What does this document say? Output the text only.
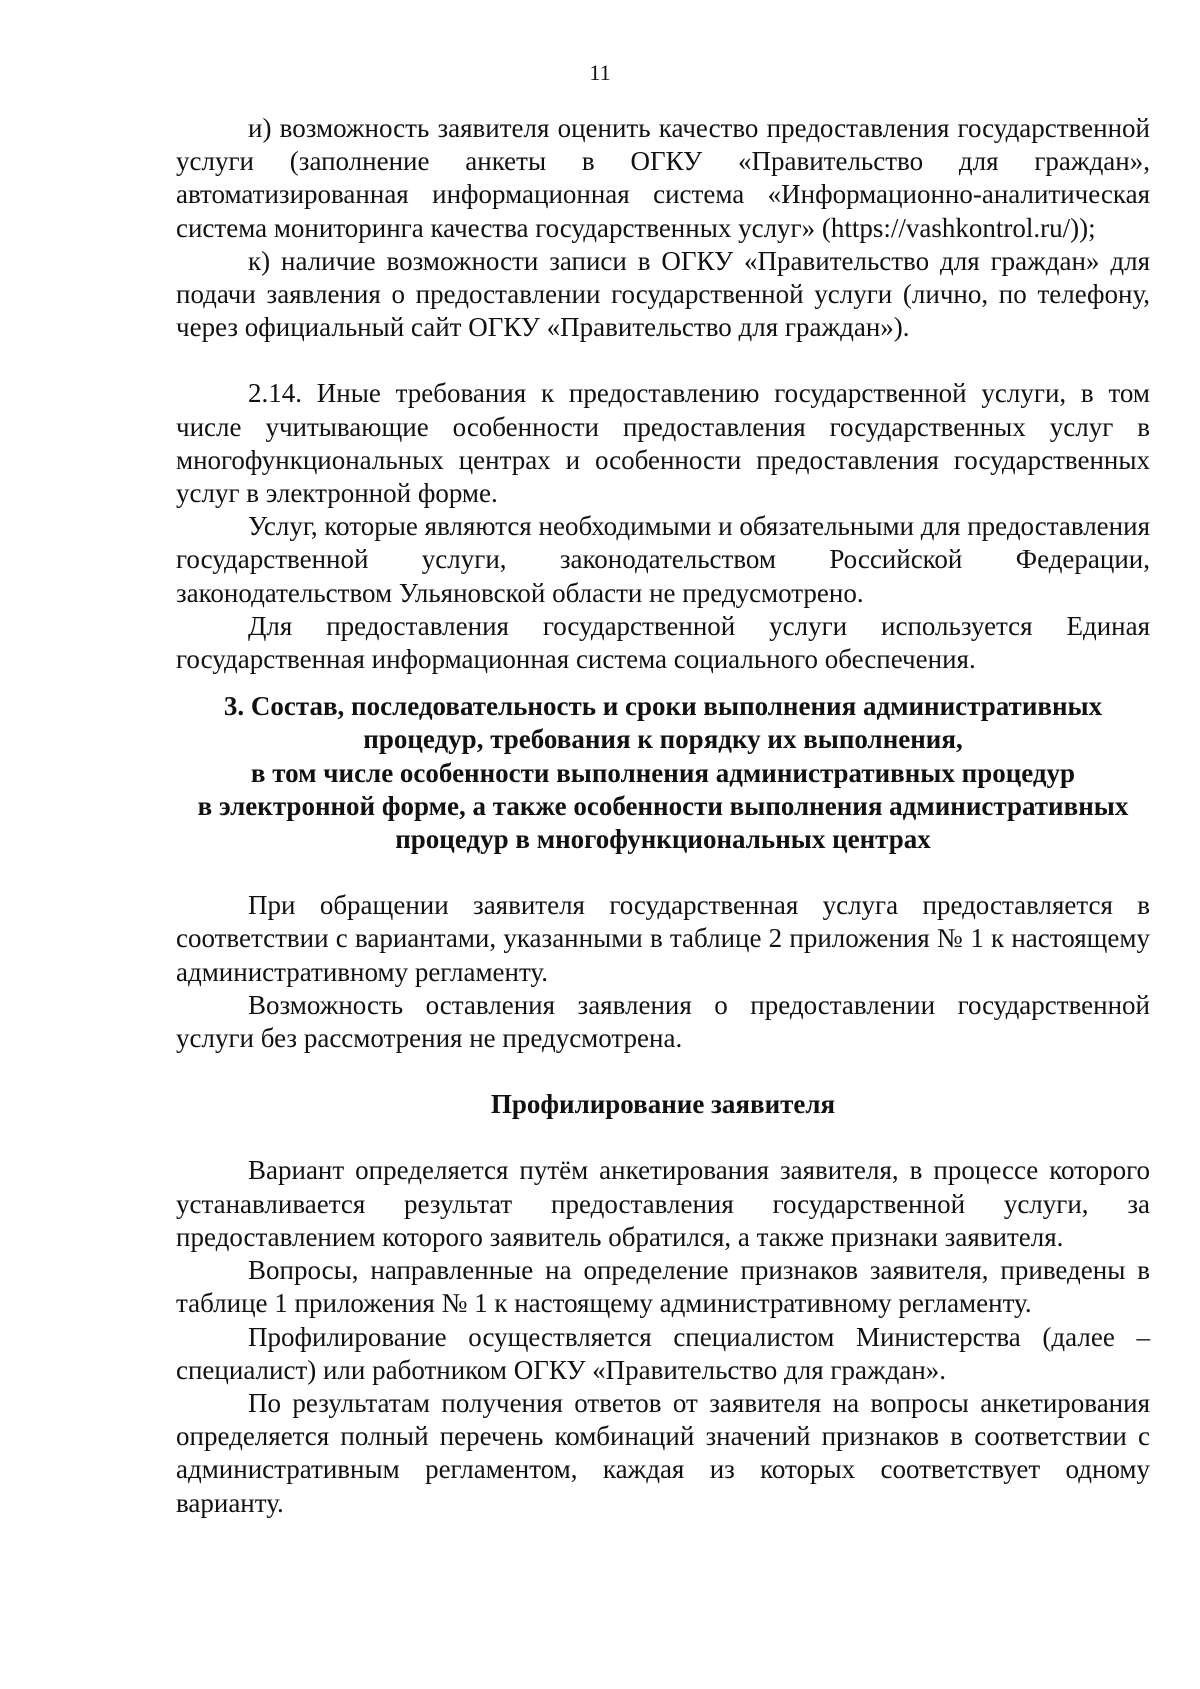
11

и) возможность заявителя оценить качество предоставления государственной услуги (заполнение анкеты в ОГКУ «Правительство для граждан», автоматизированная информационная система «Информационно-аналитическая система мониторинга качества государственных услуг» (https://vashkontrol.ru/));

к) наличие возможности записи в ОГКУ «Правительство для граждан» для подачи заявления о предоставлении государственной услуги (лично, по телефону, через официальный сайт ОГКУ «Правительство для граждан»).

2.14. Иные требования к предоставлению государственной услуги, в том числе учитывающие особенности предоставления государственных услуг в многофункциональных центрах и особенности предоставления государственных услуг в электронной форме.

Услуг, которые являются необходимыми и обязательными для предоставления государственной услуги, законодательством Российской Федерации, законодательством Ульяновской области не предусмотрено.

Для предоставления государственной услуги используется Единая государственная информационная система социального обеспечения.

3. Состав, последовательность и сроки выполнения административных
процедур, требования к порядку их выполнения,
в том числе особенности выполнения административных процедур
в электронной форме, а также особенности выполнения административных
процедур в многофункциональных центрах

При обращении заявителя государственная услуга предоставляется в соответствии с вариантами, указанными в таблице 2 приложения № 1 к настоящему административному регламенту.

Возможность оставления заявления о предоставлении государственной услуги без рассмотрения не предусмотрена.

Профилирование заявителя

Вариант определяется путём анкетирования заявителя, в процессе которого устанавливается результат предоставления государственной услуги, за предоставлением которого заявитель обратился, а также признаки заявителя.

Вопросы, направленные на определение признаков заявителя, приведены в таблице 1 приложения № 1 к настоящему административному регламенту.

Профилирование осуществляется специалистом Министерства (далее – специалист) или работником ОГКУ «Правительство для граждан».

По результатам получения ответов от заявителя на вопросы анкетирования определяется полный перечень комбинаций значений признаков в соответствии с административным регламентом, каждая из которых соответствует одному варианту.
